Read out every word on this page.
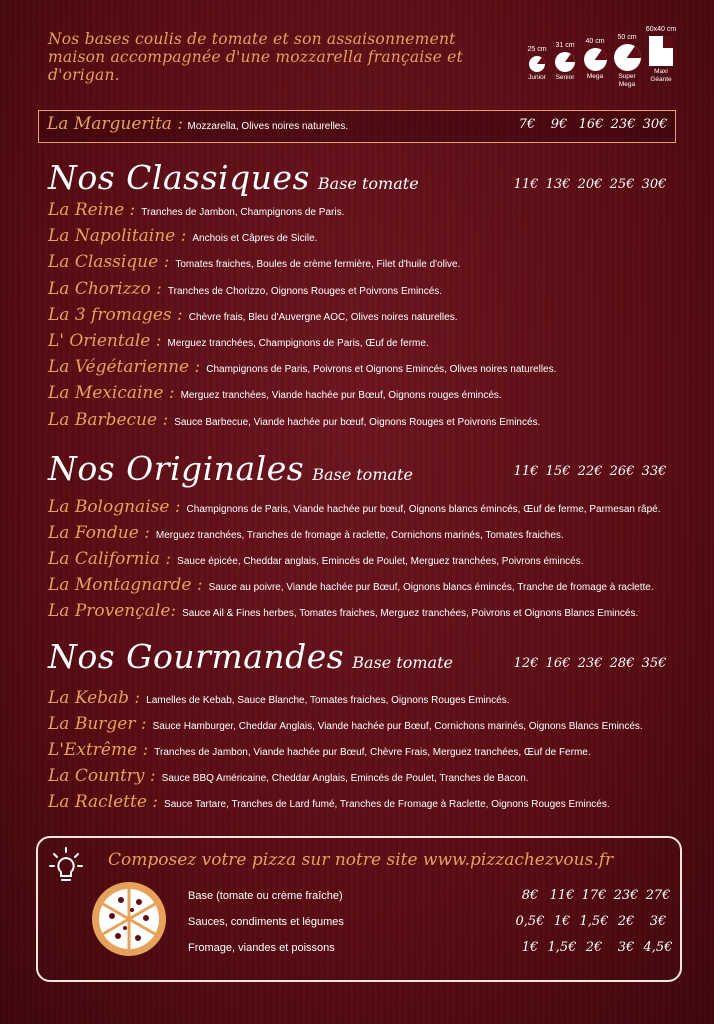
Nos bases coulis de tomate et son assaisonnement maison accompagnée d'une mozzarella française et d'origan.
25 cm
Junior
31 cm
Senior
40 cm
Mega
50 cm
Super Mega
60x40 cm
Maxi Géante
La Marguerita : Mozzarella, Olives noires naturelles.	7€ 9€ 16€ 23€ 30€
Nos Classiques Base tomate	11€ 13€ 20€ 25€ 30€
La Reine : Tranches de Jambon, Champignons de Paris.
La Napolitaine : Anchois et Câpres de Sicile.
La Classique : Tomates fraiches, Boules de crème fermière, Filet d'huile d'olive.
La Chorizzo : Tranches de Chorizzo, Oignons Rouges et Poivrons Emincés.
La 3 fromages : Chèvre frais, Bleu d'Auvergne AOC, Olives noires naturelles.
L' Orientale : Merguez tranchées, Champignons de Paris, Œuf de ferme.
La Végétarienne : Champignons de Paris, Poivrons et Oignons Emincés, Olives noires naturelles.
La Mexicaine : Merguez tranchées, Viande hachée pur Bœuf, Oignons rouges émincés.
La Barbecue : Sauce Barbecue, Viande hachée pur bœuf, Oignons Rouges et Poivrons Emincés.
Nos Originales Base tomate	11€ 15€ 22€ 26€ 33€
La Bolognaise : Champignons de Paris, Viande hachée pur bœuf, Oignons blancs émincés, Œuf de ferme, Parmesan râpé.
La Fondue : Merguez tranchées, Tranches de fromage à raclette, Cornichons marinés, Tomates fraiches.
La California : Sauce épicée, Cheddar anglais, Emincés de Poulet, Merguez tranchées, Poivrons émincés.
La Montagnarde : Sauce au poivre, Viande hachée pur Bœuf, Oignons blancs émincés, Tranche de fromage à raclette.
La Provençale: Sauce Ail & Fines herbes, Tomates fraiches, Merguez tranchées, Poivrons et Oignons Blancs Emincés.
Nos Gourmandes Base tomate	12€ 16€ 23€ 28€ 35€
La Kebab : Lamelles de Kebab, Sauce Blanche, Tomates fraiches, Oignons Rouges Emincés.
La Burger : Sauce Hamburger, Cheddar Anglais, Viande hachée pur Bœuf, Cornichons marinés, Oignons Blancs Emincés.
L'Extrême : Tranches de Jambon, Viande hachée pur Bœuf, Chèvre Frais, Merguez tranchées, Œuf de Ferme.
La Country : Sauce BBQ Américaine, Cheddar Anglais, Emincés de Poulet, Tranches de Bacon.
La Raclette : Sauce Tartare, Tranches de Lard fumé, Tranches de Fromage à Raclette, Oignons Rouges Emincés.
Composez votre pizza sur notre site www.pizzachezvous.fr
Base (tomate ou crème fraîche)	8€ 11€ 17€ 23€ 27€
Sauces, condiments et légumes	0,5€ 1€ 1,5€ 2€ 3€
Fromage, viandes et poissons	1€ 1,5€ 2€ 3€ 4,5€
